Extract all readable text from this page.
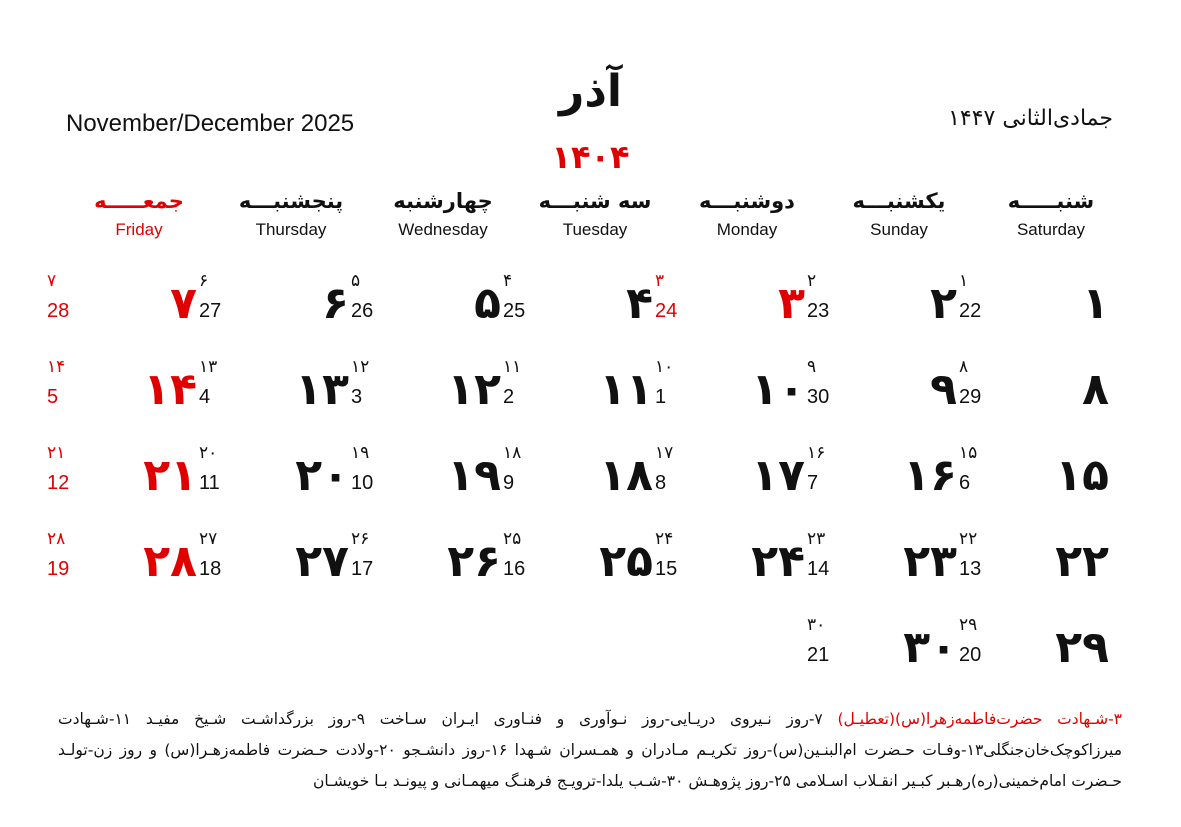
November/December 2025
آذر
۱۴۰۴
جمادی‌الثانی ۱۴۴۷
شنبـــــه
Saturday
یکشنبـــه
Sunday
دوشنبـــه
Monday
سه شنبـــه
Tuesday
چهارشنبه
Wednesday
پنجشنبـــه
Thursday
جمعـــــه
Friday
۱
۱
22
۲
۲
23
۳
۳
24
۴
۴
25
۵
۵
26
۶
۶
27
۷
۷
28
۸
۸
29
۹
۹
30
۱۰
۱۰
1
۱۱
۱۱
2
۱۲
۱۲
3
۱۳
۱۳
4
۱۴
۱۴
5
۱۵
۱۵
6
۱۶
۱۶
7
۱۷
۱۷
8
۱۸
۱۸
9
۱۹
۱۹
10
۲۰
۲۰
11
۲۱
۲۱
12
۲۲
۲۲
13
۲۳
۲۳
14
۲۴
۲۴
15
۲۵
۲۵
16
۲۶
۲۶
17
۲۷
۲۷
18
۲۸
۲۸
19
۲۹
۲۹
20
۳۰
۳۰
21
۳-شـهادت حضرت‌فاطمه‌زهرا(س)(تعطیـل) ۷-روز نـیروی دریـایی-روز نـوآوری و فنـاوری ایـران سـاخت ۹-روز بزرگداشـت شـیخ مفیـد ۱۱-شـهادت میرزاکوچک‌خان‌جنگلی۱۳-وفـات حـضرت ام‌البنـین(س)-روز تکریـم مـادران و همـسران شـهدا ۱۶-روز دانشـجو ۲۰-ولادت حـضرت فاطمه‌زهـرا(س) و روز زن-تولـد حـضرت امام‌خمینی(ره)رهـبر کبـیر انقـلاب اسـلامی ۲۵-روز پژوهـش ۳۰-شـب یلدا-ترویـج فرهنـگ میهمـانی و پیونـد بـا خویشـان
